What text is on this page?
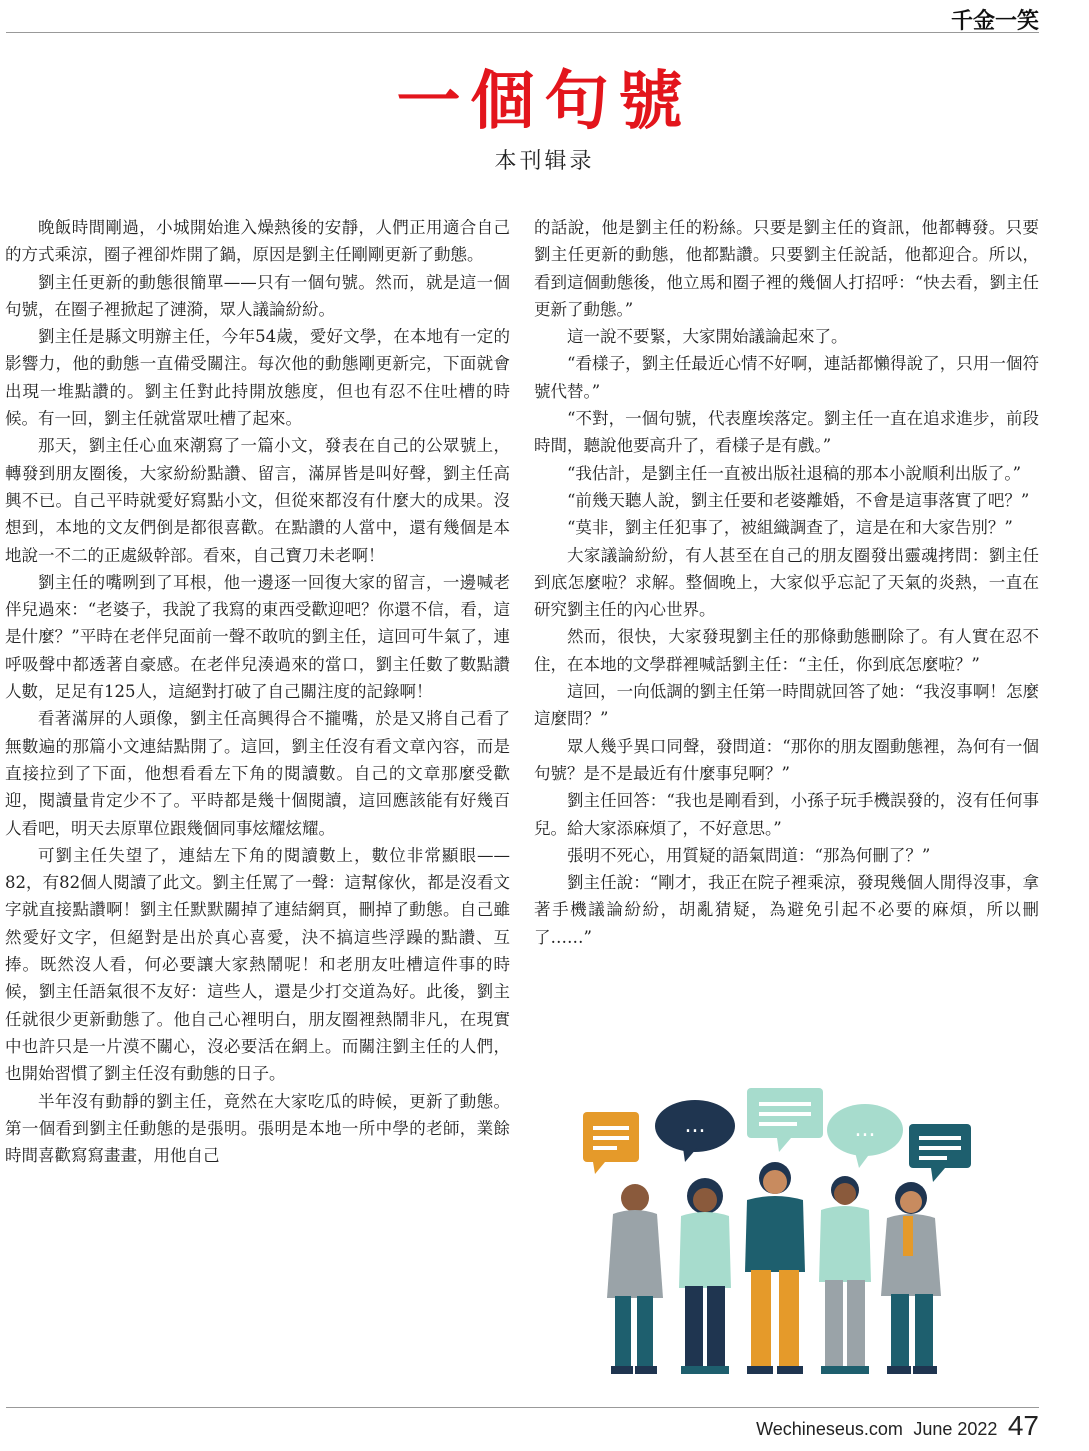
千金一笑
一個句號
本刊辑录

晚飯時間剛過，小城開始進入燥熱後的安靜，人們正用適合自己的方式乘涼，圈子裡卻炸開了鍋，原因是劉主任剛剛更新了動態。

劉主任更新的動態很簡單——只有一個句號。然而，就是這一個句號，在圈子裡掀起了漣漪，眾人議論紛紛。

劉主任是縣文明辦主任，今年54歲，愛好文學，在本地有一定的影響力，他的動態一直備受關注。每次他的動態剛更新完，下面就會出現一堆點讚的。劉主任對此持開放態度，但也有忍不住吐槽的時候。有一回，劉主任就當眾吐槽了起來。

那天，劉主任心血來潮寫了一篇小文，發表在自己的公眾號上，轉發到朋友圈後，大家紛紛點讚、留言，滿屏皆是叫好聲，劉主任高興不已。自己平時就愛好寫點小文，但從來都沒有什麼大的成果。沒想到，本地的文友們倒是都很喜歡。在點讚的人當中，還有幾個是本地說一不二的正處級幹部。看來，自己寶刀未老啊！

劉主任的嘴咧到了耳根，他一邊逐一回復大家的留言，一邊喊老伴兒過來：“老婆子，我說了我寫的東西受歡迎吧？你還不信，看，這是什麼？”平時在老伴兒面前一聲不敢吭的劉主任，這回可牛氣了，連呼吸聲中都透著自豪感。在老伴兒湊過來的當口，劉主任數了數點讚人數，足足有125人，這絕對打破了自己關注度的記錄啊！

看著滿屏的人頭像，劉主任高興得合不攏嘴，於是又將自己看了無數遍的那篇小文連結點開了。這回，劉主任沒有看文章內容，而是直接拉到了下面，他想看看左下角的閱讀數。自己的文章那麼受歡迎，閱讀量肯定少不了。平時都是幾十個閱讀，這回應該能有好幾百人看吧，明天去原單位跟幾個同事炫耀炫耀。

可劉主任失望了，連結左下角的閱讀數上，數位非常顯眼——82，有82個人閱讀了此文。劉主任罵了一聲：這幫傢伙，都是沒看文字就直接點讚啊！劉主任默默關掉了連結網頁，刪掉了動態。自己雖然愛好文字，但絕對是出於真心喜愛，決不搞這些浮躁的點讚、互捧。既然沒人看，何必要讓大家熱鬧呢！和老朋友吐槽這件事的時候，劉主任語氣很不友好：這些人，還是少打交道為好。此後，劉主任就很少更新動態了。他自己心裡明白，朋友圈裡熱鬧非凡，在現實中也許只是一片漠不關心，沒必要活在網上。而關注劉主任的人們，也開始習慣了劉主任沒有動態的日子。

半年沒有動靜的劉主任，竟然在大家吃瓜的時候，更新了動態。第一個看到劉主任動態的是張明。張明是本地一所中學的老師，業餘時間喜歡寫寫畫畫，用他自己

的話說，他是劉主任的粉絲。只要是劉主任的資訊，他都轉發。只要劉主任更新的動態，他都點讚。只要劉主任說話，他都迎合。所以，看到這個動態後，他立馬和圈子裡的幾個人打招呼：“快去看，劉主任更新了動態。”

這一說不要緊，大家開始議論起來了。

“看樣子，劉主任最近心情不好啊，連話都懶得說了，只用一個符號代替。”

“不對，一個句號，代表塵埃落定。劉主任一直在追求進步，前段時間，聽說他要高升了，看樣子是有戲。”

“我估計，是劉主任一直被出版社退稿的那本小說順利出版了。”

“前幾天聽人說，劉主任要和老婆離婚，不會是這事落實了吧？”

“莫非，劉主任犯事了，被組織調查了，這是在和大家告別？”

大家議論紛紛，有人甚至在自己的朋友圈發出靈魂拷問：劉主任到底怎麼啦？求解。整個晚上，大家似乎忘記了天氣的炎熱，一直在研究劉主任的內心世界。

然而，很快，大家發現劉主任的那條動態刪除了。有人實在忍不住，在本地的文學群裡喊話劉主任：“主任，你到底怎麼啦？”

這回，一向低調的劉主任第一時間就回答了她：“我沒事啊！怎麼這麼問？”

眾人幾乎異口同聲，發問道：“那你的朋友圈動態裡，為何有一個句號？是不是最近有什麼事兒啊？”

劉主任回答：“我也是剛看到，小孫子玩手機誤發的，沒有任何事兒。給大家添麻煩了，不好意思。”

張明不死心，用質疑的語氣問道：“那為何刪了？”

劉主任說：“剛才，我正在院子裡乘涼，發現幾個人閒得沒事，拿著手機議論紛紛，胡亂猜疑，為避免引起不必要的麻煩，所以刪了……”

...	...
Wechineseus.com June 2022 47
